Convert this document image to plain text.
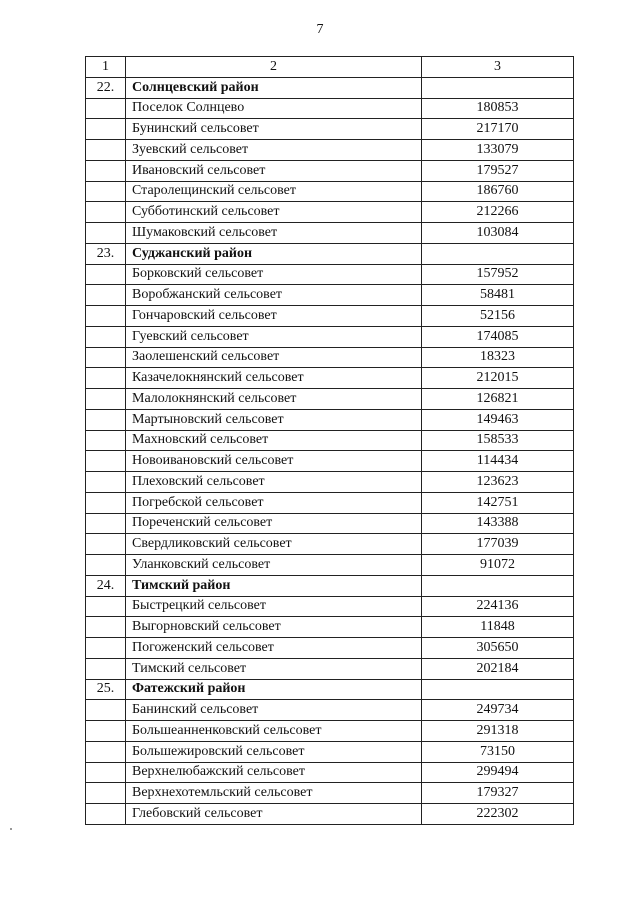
7
1	2	3
22.	Солнцевский район	
	Поселок Солнцево	180853
	Бунинский сельсовет	217170
	Зуевский сельсовет	133079
	Ивановский сельсовет	179527
	Старолещинский сельсовет	186760
	Субботинский сельсовет	212266
	Шумаковский сельсовет	103084
23.	Суджанский район	
	Борковский сельсовет	157952
	Воробжанский сельсовет	58481
	Гончаровский сельсовет	52156
	Гуевский сельсовет	174085
	Заолешенский сельсовет	18323
	Казачелокнянский сельсовет	212015
	Малолокнянский сельсовет	126821
	Мартыновский сельсовет	149463
	Махновский сельсовет	158533
	Новоивановский сельсовет	114434
	Плеховский сельсовет	123623
	Погребской сельсовет	142751
	Пореченский сельсовет	143388
	Свердликовский сельсовет	177039
	Уланковский сельсовет	91072
24.	Тимский район	
	Быстрецкий сельсовет	224136
	Выгорновский сельсовет	11848
	Погоженский сельсовет	305650
	Тимский сельсовет	202184
25.	Фатежский район	
	Банинский сельсовет	249734
	Большеанненковский сельсовет	291318
	Большежировский сельсовет	73150
	Верхнелюбажский сельсовет	299494
	Верхнехотемльский сельсовет	179327
	Глебовский сельсовет	222302
